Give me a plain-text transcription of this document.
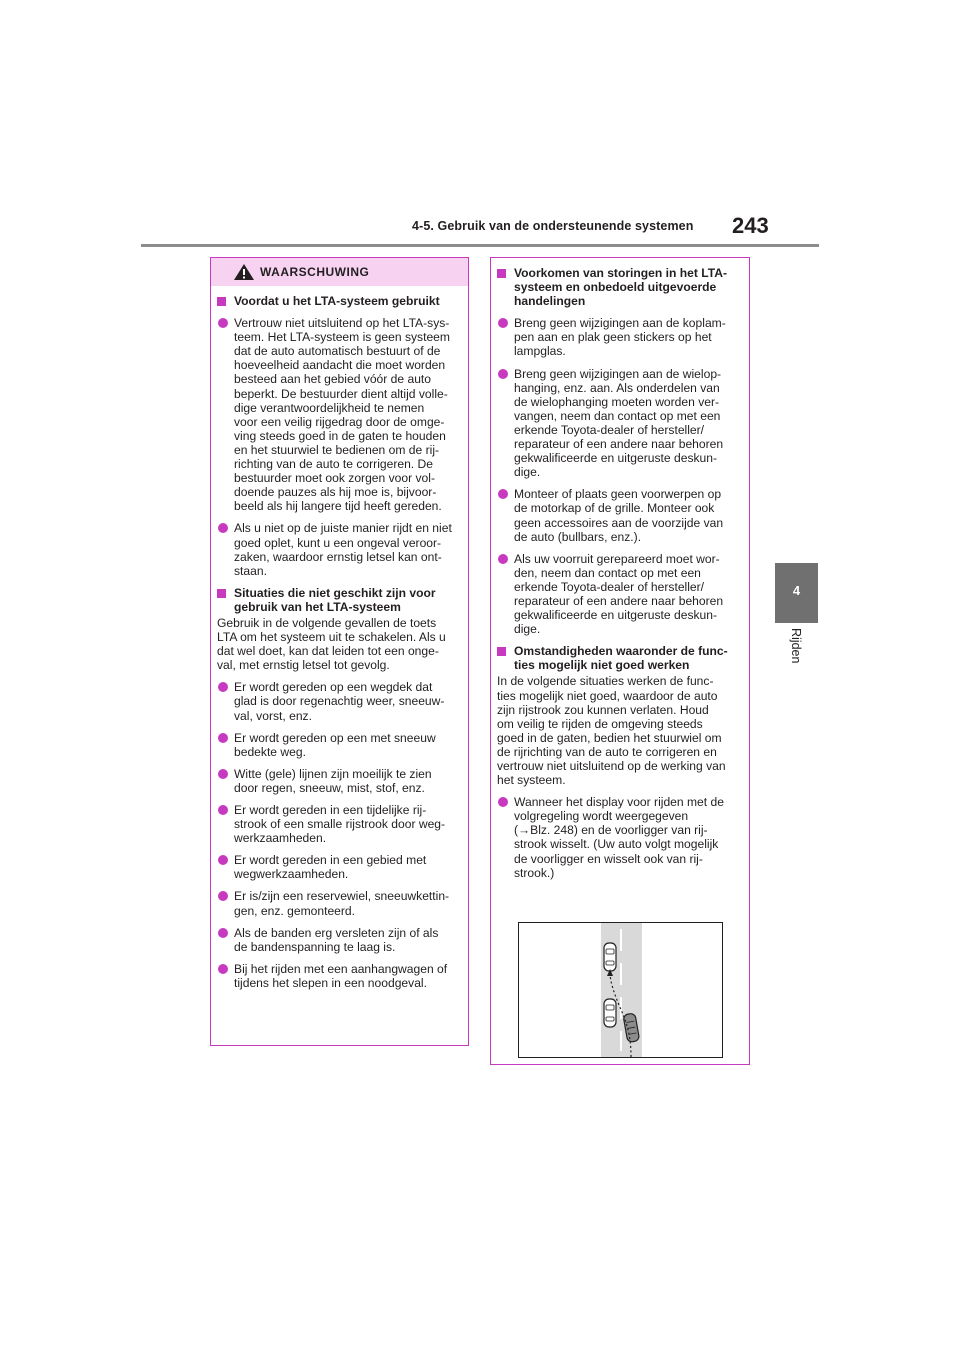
4-5. Gebruik van de ondersteunende systemen 243
4
Rijden
WAARSCHUWING
Voordat u het LTA-systeem gebruikt
Vertrouw niet uitsluitend op het LTA-sys-
teem. Het LTA-systeem is geen systeem
dat de auto automatisch bestuurt of de
hoeveelheid aandacht die moet worden
besteed aan het gebied vóór de auto
beperkt. De bestuurder dient altijd volle-
dige verantwoordelijkheid te nemen
voor een veilig rijgedrag door de omge-
ving steeds goed in de gaten te houden
en het stuurwiel te bedienen om de rij-
richting van de auto te corrigeren. De
bestuurder moet ook zorgen voor vol-
doende pauzes als hij moe is, bijvoor-
beeld als hij langere tijd heeft gereden.
Als u niet op de juiste manier rijdt en niet
goed oplet, kunt u een ongeval veroor-
zaken, waardoor ernstig letsel kan ont-
staan.
Situaties die niet geschikt zijn voor
gebruik van het LTA-systeem
Gebruik in de volgende gevallen de toets
LTA om het systeem uit te schakelen. Als u
dat wel doet, kan dat leiden tot een onge-
val, met ernstig letsel tot gevolg.
Er wordt gereden op een wegdek dat
glad is door regenachtig weer, sneeuw-
val, vorst, enz.
Er wordt gereden op een met sneeuw
bedekte weg.
Witte (gele) lijnen zijn moeilijk te zien
door regen, sneeuw, mist, stof, enz.
Er wordt gereden in een tijdelijke rij-
strook of een smalle rijstrook door weg-
werkzaamheden.
Er wordt gereden in een gebied met
wegwerkzaamheden.
Er is/zijn een reservewiel, sneeuwkettin-
gen, enz. gemonteerd.
Als de banden erg versleten zijn of als
de bandenspanning te laag is.
Bij het rijden met een aanhangwagen of
tijdens het slepen in een noodgeval.
Voorkomen van storingen in het LTA-
systeem en onbedoeld uitgevoerde
handelingen
Breng geen wijzigingen aan de koplam-
pen aan en plak geen stickers op het
lampglas.
Breng geen wijzigingen aan de wielop-
hanging, enz. aan. Als onderdelen van
de wielophanging moeten worden ver-
vangen, neem dan contact op met een
erkende Toyota-dealer of hersteller/
reparateur of een andere naar behoren
gekwalificeerde en uitgeruste deskun-
dige.
Monteer of plaats geen voorwerpen op
de motorkap of de grille. Monteer ook
geen accessoires aan de voorzijde van
de auto (bullbars, enz.).
Als uw voorruit gerepareerd moet wor-
den, neem dan contact op met een
erkende Toyota-dealer of hersteller/
reparateur of een andere naar behoren
gekwalificeerde en uitgeruste deskun-
dige.
Omstandigheden waaronder de func-
ties mogelijk niet goed werken
In de volgende situaties werken de func-
ties mogelijk niet goed, waardoor de auto
zijn rijstrook zou kunnen verlaten. Houd
om veilig te rijden de omgeving steeds
goed in de gaten, bedien het stuurwiel om
de rijrichting van de auto te corrigeren en
vertrouw niet uitsluitend op de werking van
het systeem.
Wanneer het display voor rijden met de
volgregeling wordt weergegeven
(→Blz. 248) en de voorligger van rij-
strook wisselt. (Uw auto volgt mogelijk
de voorligger en wisselt ook van rij-
strook.)
